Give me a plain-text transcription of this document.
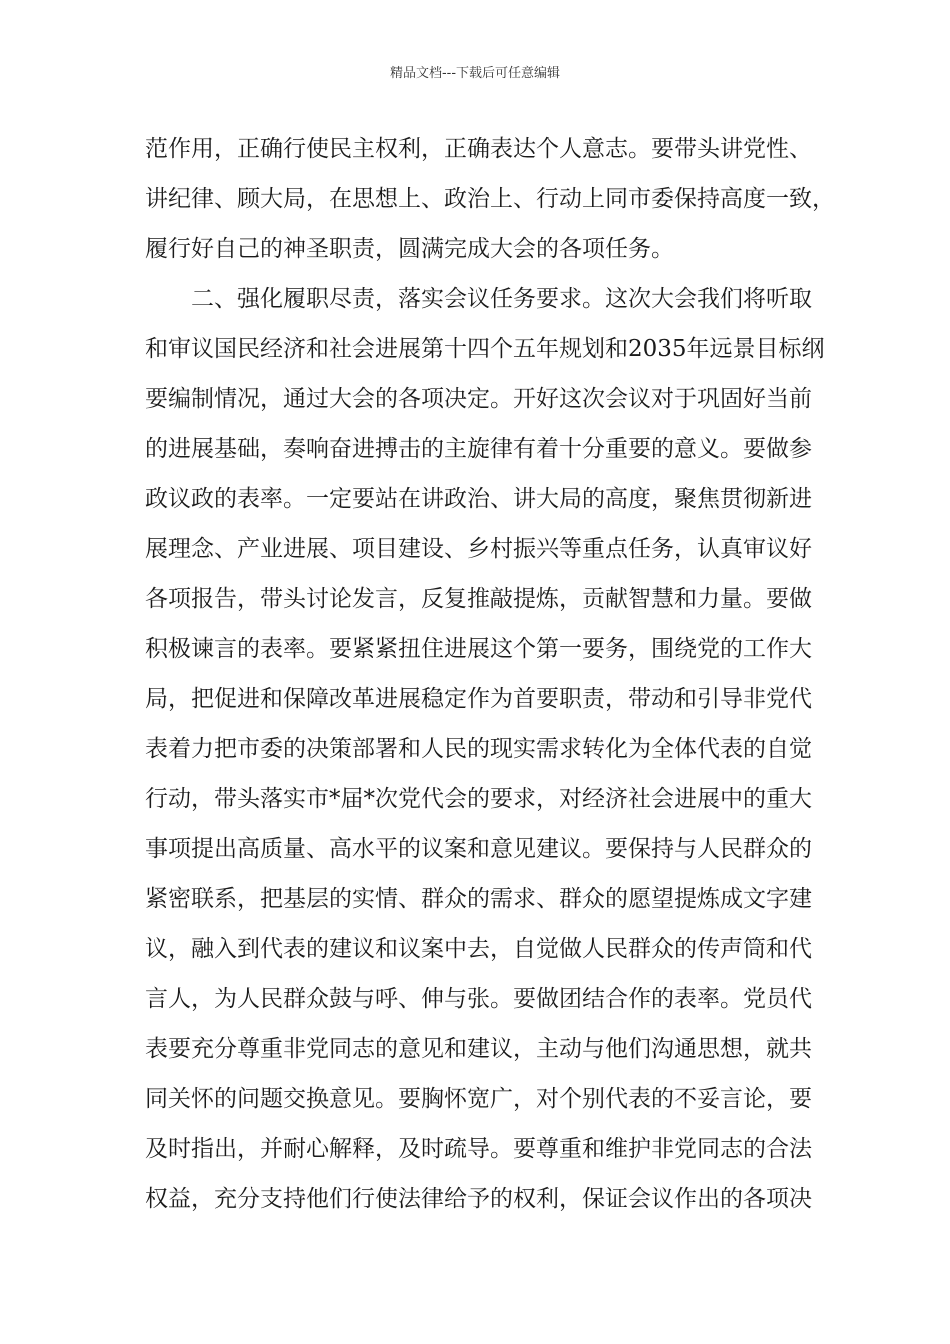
精品文档---下载后可任意编辑
范作用，正确行使民主权利，正确表达个人意志。要带头讲党性、
讲纪律、顾大局，在思想上、政治上、行动上同市委保持高度一致，
履行好自己的神圣职责，圆满完成大会的各项任务。
二、强化履职尽责，落实会议任务要求。这次大会我们将听取
和审议国民经济和社会进展第十四个五年规划和2035年远景目标纲
要编制情况，通过大会的各项决定。开好这次会议对于巩固好当前
的进展基础，奏响奋进搏击的主旋律有着十分重要的意义。要做参
政议政的表率。一定要站在讲政治、讲大局的高度，聚焦贯彻新进
展理念、产业进展、项目建设、乡村振兴等重点任务，认真审议好
各项报告，带头讨论发言，反复推敲提炼，贡献智慧和力量。要做
积极谏言的表率。要紧紧扭住进展这个第一要务，围绕党的工作大
局，把促进和保障改革进展稳定作为首要职责，带动和引导非党代
表着力把市委的决策部署和人民的现实需求转化为全体代表的自觉
行动，带头落实市*届*次党代会的要求，对经济社会进展中的重大
事项提出高质量、高水平的议案和意见建议。要保持与人民群众的
紧密联系，把基层的实情、群众的需求、群众的愿望提炼成文字建
议，融入到代表的建议和议案中去，自觉做人民群众的传声筒和代
言人，为人民群众鼓与呼、伸与张。要做团结合作的表率。党员代
表要充分尊重非党同志的意见和建议，主动与他们沟通思想，就共
同关怀的问题交换意见。要胸怀宽广，对个别代表的不妥言论，要
及时指出，并耐心解释，及时疏导。要尊重和维护非党同志的合法
权益，充分支持他们行使法律给予的权利，保证会议作出的各项决
